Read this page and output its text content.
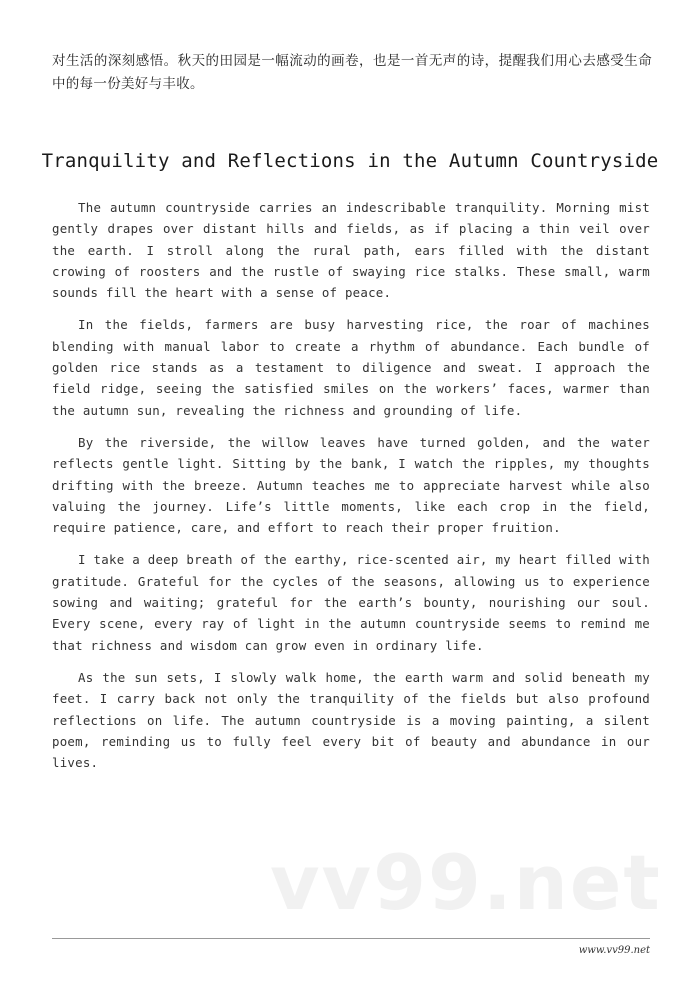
对生活的深刻感悟。秋天的田园是一幅流动的画卷，也是一首无声的诗，提醒我们用心去感受生命中的每一份美好与丰收。
Tranquility and Reflections in the Autumn Countryside

The autumn countryside carries an indescribable tranquility. Morning mist gently drapes over distant hills and fields, as if placing a thin veil over the earth. I stroll along the rural path, ears filled with the distant crowing of roosters and the rustle of swaying rice stalks. These small, warm sounds fill the heart with a sense of peace.

In the fields, farmers are busy harvesting rice, the roar of machines blending with manual labor to create a rhythm of abundance. Each bundle of golden rice stands as a testament to diligence and sweat. I approach the field ridge, seeing the satisfied smiles on the workers’ faces, warmer than the autumn sun, revealing the richness and grounding of life.

By the riverside, the willow leaves have turned golden, and the water reflects gentle light. Sitting by the bank, I watch the ripples, my thoughts drifting with the breeze. Autumn teaches me to appreciate harvest while also valuing the journey. Life’s little moments, like each crop in the field, require patience, care, and effort to reach their proper fruition.

I take a deep breath of the earthy, rice-scented air, my heart filled with gratitude. Grateful for the cycles of the seasons, allowing us to experience sowing and waiting; grateful for the earth’s bounty, nourishing our soul. Every scene, every ray of light in the autumn countryside seems to remind me that richness and wisdom can grow even in ordinary life.

As the sun sets, I slowly walk home, the earth warm and solid beneath my feet. I carry back not only the tranquility of the fields but also profound reflections on life. The autumn countryside is a moving painting, a silent poem, reminding us to fully feel every bit of beauty and abundance in our lives.

vv99.net
www.vv99.net
